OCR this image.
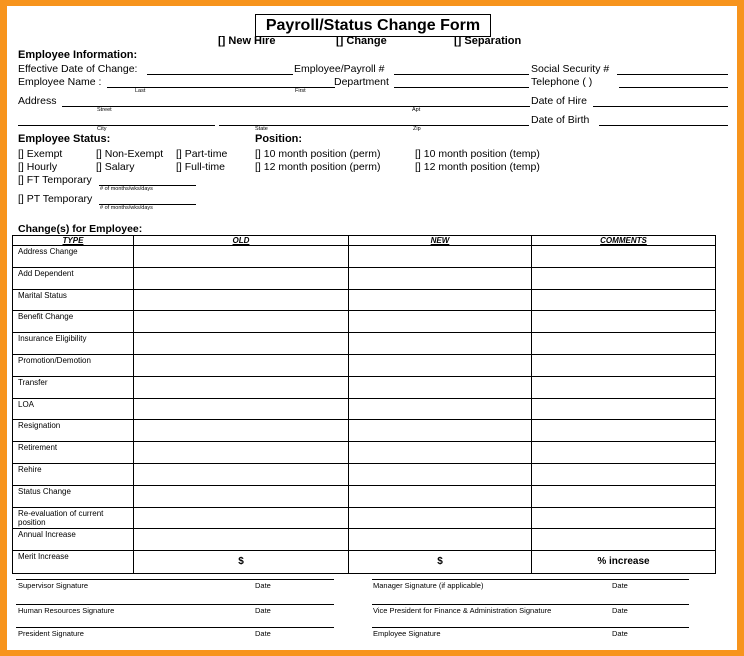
Payroll/Status Change Form
[] New Hire	[] Change	[] Separation
Employee Information:
Effective Date of Change:	Employee/Payroll #	Social Security #
Employee Name :
Last	First
Department	Telephone ( )
Address
Street	Apt
Date of Hire
City	State	Zip
Date of Birth
Employee Status:
[] Exempt	[] Non-Exempt [] Part-time
[] Hourly	[] Salary	[] Full-time
[] FT Temporary
# of months/wks/days
[] PT Temporary
# of months/wks/days
Position:
[] 10 month position (perm)	[] 10 month position (temp)
[] 12 month position (perm)	[] 12 month position (temp)
Change(s) for Employee:
TYPE	OLD	NEW	COMMENTS
Address Change			
Add Dependent			
Marital Status			
Benefit Change			
Insurance Eligibility			
Promotion/Demotion			
Transfer			
LOA			
Resignation			
Retirement			
Rehire			
Status Change			
Re-evaluation of current position			
Annual Increase			
Merit Increase	$	$	% increase
Supervisor Signature	Date	Manager Signature (if applicable)	Date
Human Resources Signature	Date	Vice President for Finance & Administration Signature	Date
President Signature	Date	Employee Signature	Date
